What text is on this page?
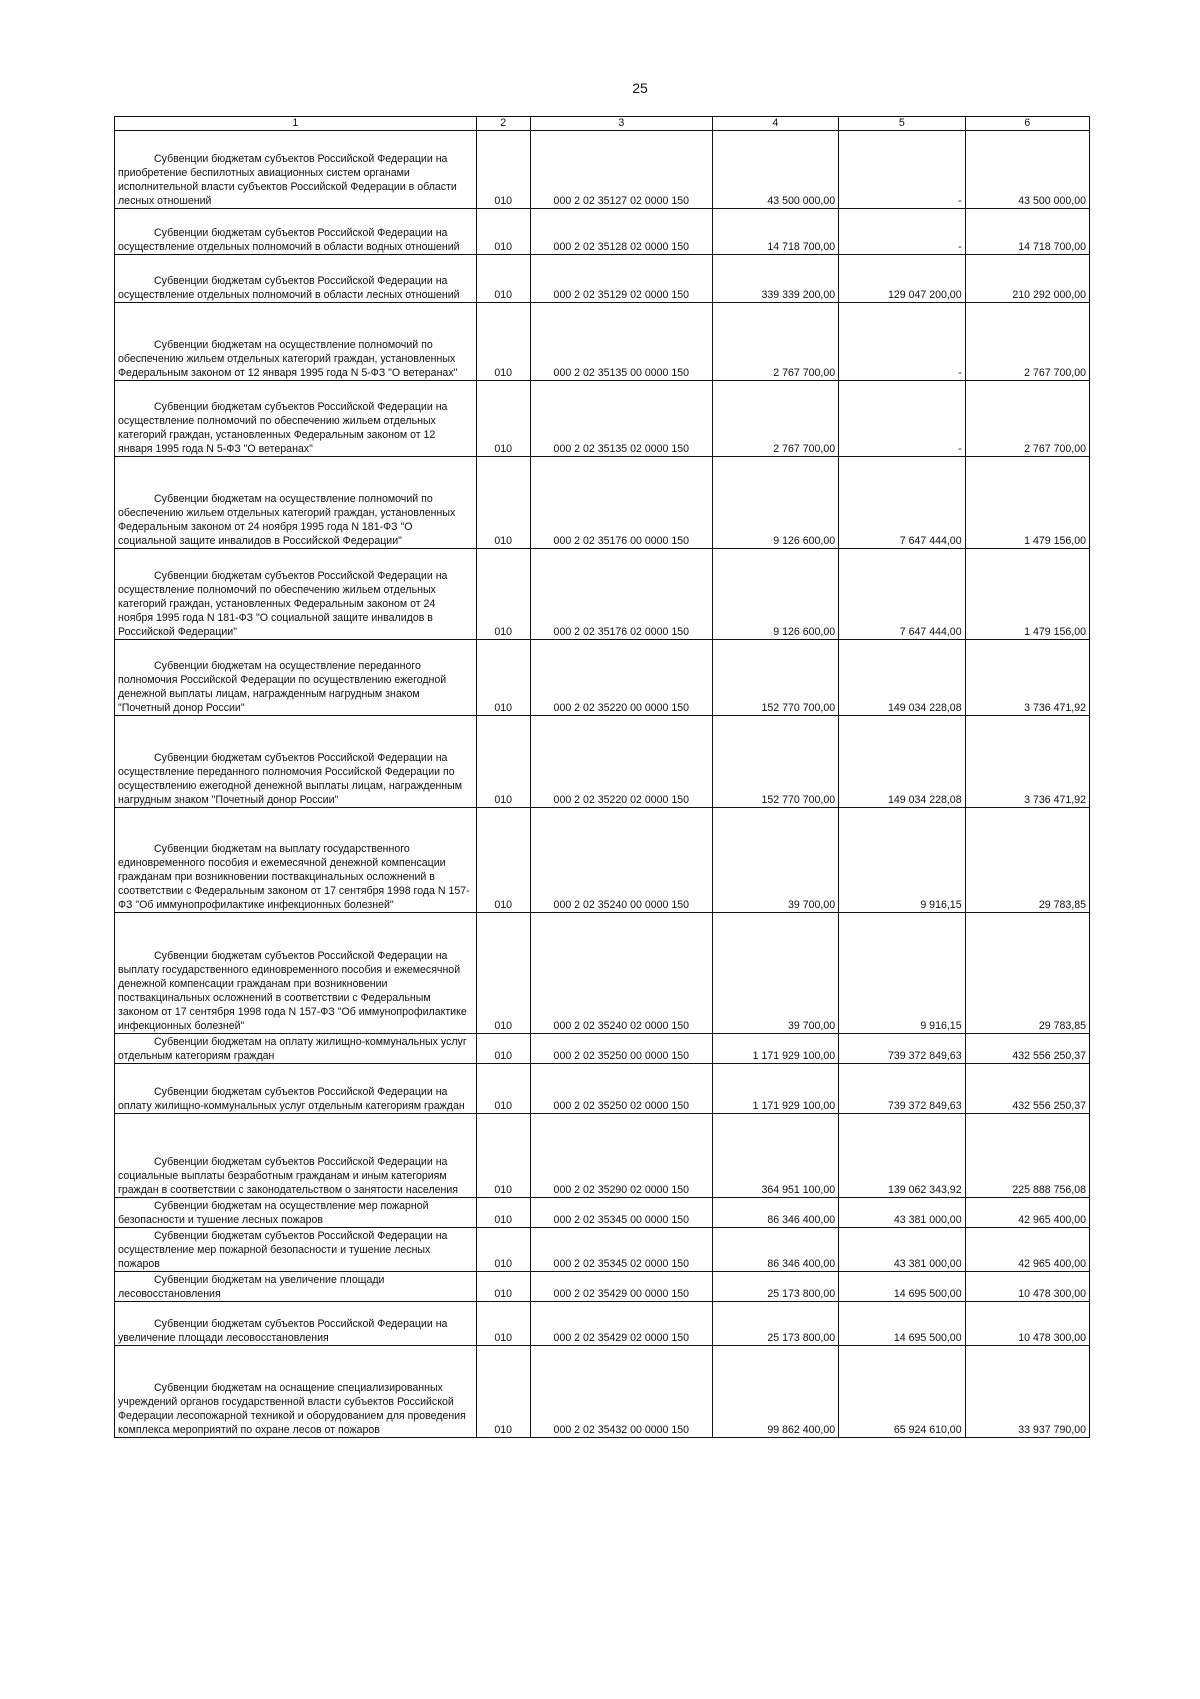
25
1	2	3	4	5	6
Субвенции бюджетам субъектов Российской Федерации на приобретение беспилотных авиационных систем органами исполнительной власти субъектов Российской Федерации в области лесных отношений	010	000 2 02 35127 02 0000 150	43 500 000,00	-	43 500 000,00
Субвенции бюджетам субъектов Российской Федерации на осуществление отдельных полномочий в области водных отношений	010	000 2 02 35128 02 0000 150	14 718 700,00	-	14 718 700,00
Субвенции бюджетам субъектов Российской Федерации на осуществление отдельных полномочий в области лесных отношений	010	000 2 02 35129 02 0000 150	339 339 200,00	129 047 200,00	210 292 000,00
Субвенции бюджетам на осуществление полномочий по обеспечению жильем отдельных категорий граждан, установленных Федеральным законом от 12 января 1995 года N 5-ФЗ "О ветеранах"	010	000 2 02 35135 00 0000 150	2 767 700,00	-	2 767 700,00
Субвенции бюджетам субъектов Российской Федерации на осуществление полномочий по обеспечению жильем отдельных категорий граждан, установленных Федеральным законом от 12 января 1995 года N 5-ФЗ "О ветеранах"	010	000 2 02 35135 02 0000 150	2 767 700,00	-	2 767 700,00
Субвенции бюджетам на осуществление полномочий по обеспечению жильем отдельных категорий граждан, установленных Федеральным законом от 24 ноября 1995 года N 181-ФЗ "О социальной защите инвалидов в Российской Федерации"	010	000 2 02 35176 00 0000 150	9 126 600,00	7 647 444,00	1 479 156,00
Субвенции бюджетам субъектов Российской Федерации на осуществление полномочий по обеспечению жильем отдельных категорий граждан, установленных Федеральным законом от 24 ноября 1995 года N 181-ФЗ "О социальной защите инвалидов в Российской Федерации"	010	000 2 02 35176 02 0000 150	9 126 600,00	7 647 444,00	1 479 156,00
Субвенции бюджетам на осуществление переданного полномочия Российской Федерации по осуществлению ежегодной денежной выплаты лицам, награжденным нагрудным знаком "Почетный донор России"	010	000 2 02 35220 00 0000 150	152 770 700,00	149 034 228,08	3 736 471,92
Субвенции бюджетам субъектов Российской Федерации на осуществление переданного полномочия Российской Федерации по осуществлению ежегодной денежной выплаты лицам, награжденным нагрудным знаком "Почетный донор России"	010	000 2 02 35220 02 0000 150	152 770 700,00	149 034 228,08	3 736 471,92
Субвенции бюджетам на выплату государственного единовременного пособия и ежемесячной денежной компенсации гражданам при возникновении поствакцинальных осложнений в соответствии с Федеральным законом от 17 сентября 1998 года N 157-ФЗ "Об иммунопрофилактике инфекционных болезней"	010	000 2 02 35240 00 0000 150	39 700,00	9 916,15	29 783,85
Субвенции бюджетам субъектов Российской Федерации на выплату государственного единовременного пособия и ежемесячной денежной компенсации гражданам при возникновении поствакцинальных осложнений в соответствии с Федеральным законом от 17 сентября 1998 года N 157-ФЗ "Об иммунопрофилактике инфекционных болезней"	010	000 2 02 35240 02 0000 150	39 700,00	9 916,15	29 783,85
Субвенции бюджетам на оплату жилищно-коммунальных услуг отдельным категориям граждан	010	000 2 02 35250 00 0000 150	1 171 929 100,00	739 372 849,63	432 556 250,37
Субвенции бюджетам субъектов Российской Федерации на оплату жилищно-коммунальных услуг отдельным категориям граждан	010	000 2 02 35250 02 0000 150	1 171 929 100,00	739 372 849,63	432 556 250,37
Субвенции бюджетам субъектов Российской Федерации на социальные выплаты безработным гражданам и иным категориям граждан в соответствии с законодательством о занятости населения	010	000 2 02 35290 02 0000 150	364 951 100,00	139 062 343,92	225 888 756,08
Субвенции бюджетам на осуществление мер пожарной безопасности и тушение лесных пожаров	010	000 2 02 35345 00 0000 150	86 346 400,00	43 381 000,00	42 965 400,00
Субвенции бюджетам субъектов Российской Федерации на осуществление мер пожарной безопасности и тушение лесных пожаров	010	000 2 02 35345 02 0000 150	86 346 400,00	43 381 000,00	42 965 400,00
Субвенции бюджетам на увеличение площади лесовосстановления	010	000 2 02 35429 00 0000 150	25 173 800,00	14 695 500,00	10 478 300,00
Субвенции бюджетам субъектов Российской Федерации на увеличение площади лесовосстановления	010	000 2 02 35429 02 0000 150	25 173 800,00	14 695 500,00	10 478 300,00
Субвенции бюджетам на оснащение специализированных учреждений органов государственной власти субъектов Российской Федерации лесопожарной техникой и оборудованием для проведения комплекса мероприятий по охране лесов от пожаров	010	000 2 02 35432 00 0000 150	99 862 400,00	65 924 610,00	33 937 790,00
